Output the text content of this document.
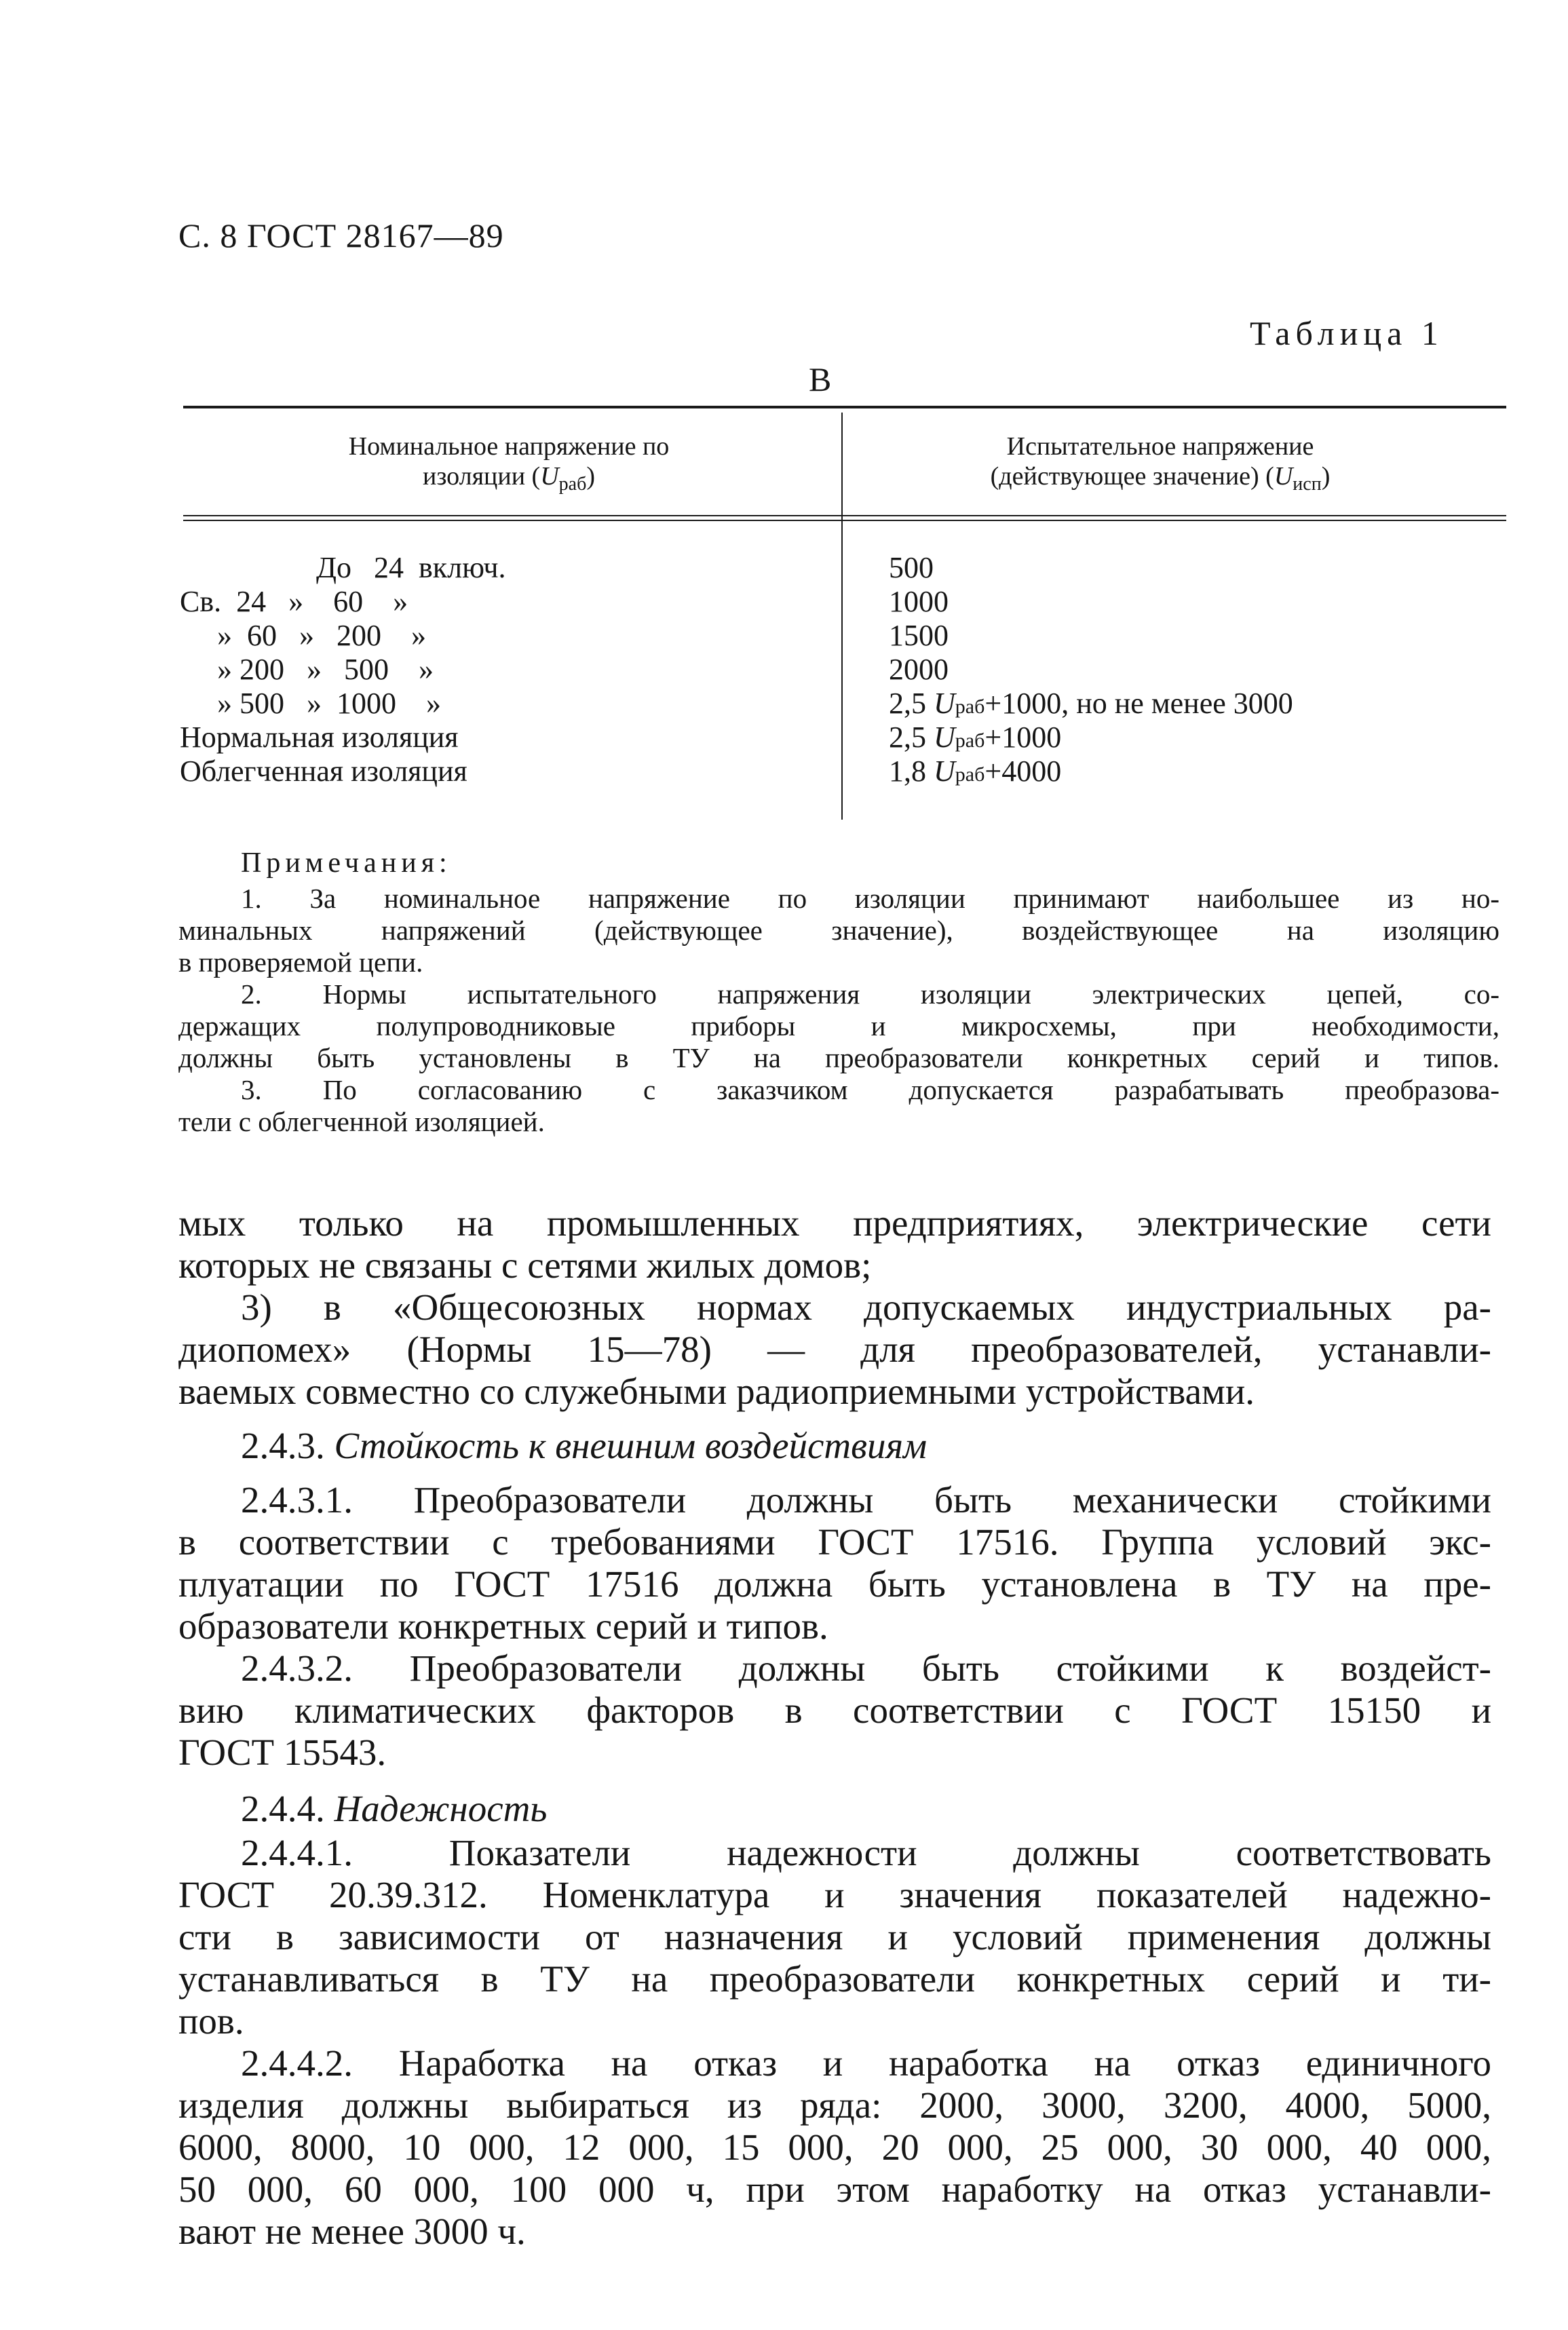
С. 8 ГОСТ 28167—89
Таблица 1
В
Номинальное напряжение по
изоляции $(U_{раб})$
Испытательное напряжение
(действующее значение) $(U_{исп})$
До   24  включ.
Св.  24   »    60    »
»  60   »   200    »
» 200   »   500    »
» 500   »  1000    »
Нормальная изоляция
Облегченная изоляция
500
1000
1500
2000
2,5 Uраб+1000, но не менее 3000
2,5 Uраб+1000
1,8 Uраб+4000
Примечания:
1. За номинальное напряжение по изоляции принимают наибольшее из но-
минальных напряжений (действующее значение), воздействующее на изоляцию
в проверяемой цепи.
2. Нормы испытательного напряжения изоляции электрических цепей, со-
держащих полупроводниковые приборы и микросхемы, при необходимости,
должны быть установлены в ТУ на преобразователи конкретных серий и типов.
3. По согласованию с заказчиком допускается разрабатывать преобразова-
тели с облегченной изоляцией.
мых только на промышленных предприятиях, электрические сети
которых не связаны с сетями жилых домов;
3) в «Общесоюзных нормах допускаемых индустриальных ра-
диопомех» (Нормы 15—78) — для преобразователей, устанавли-
ваемых совместно со служебными радиоприемными устройствами.
2.4.3. Стойкость к внешним воздействиям
2.4.3.1. Преобразователи должны быть механически стойкими
в соответствии с требованиями ГОСТ 17516. Группа условий экс-
плуатации по ГОСТ 17516 должна быть установлена в ТУ на пре-
образователи конкретных серий и типов.
2.4.3.2. Преобразователи должны быть стойкими к воздейст-
вию климатических факторов в соответствии с ГОСТ 15150 и
ГОСТ 15543.
2.4.4. Надежность
2.4.4.1. Показатели надежности должны соответствовать
ГОСТ 20.39.312. Номенклатура и значения показателей надежно-
сти в зависимости от назначения и условий применения должны
устанавливаться в ТУ на преобразователи конкретных серий и ти-
пов.
2.4.4.2. Наработка на отказ и наработка на отказ единичного
изделия должны выбираться из ряда: 2000, 3000, 3200, 4000, 5000,
6000, 8000, 10 000, 12 000, 15 000, 20 000, 25 000, 30 000, 40 000,
50 000, 60 000, 100 000 ч, при этом наработку на отказ устанавли-
вают не менее 3000 ч.
